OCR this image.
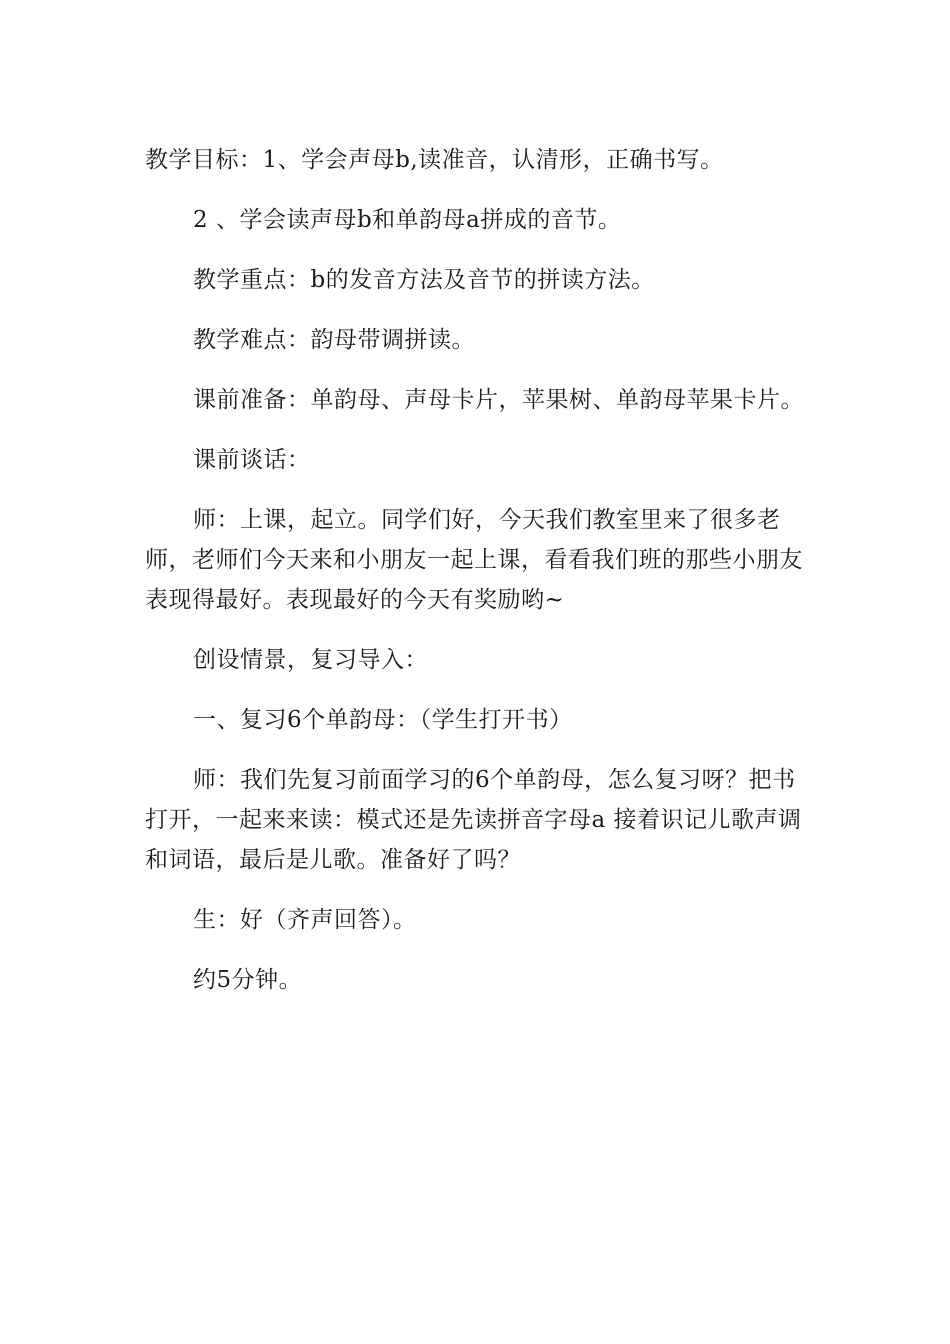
教学目标：1、学会声母b,读准音，认清形，正确书写。

2 、学会读声母b和单韵母a拼成的音节。

教学重点：b的发音方法及音节的拼读方法。

教学难点：韵母带调拼读。

课前准备：单韵母、声母卡片，苹果树、单韵母苹果卡片。

课前谈话：

师：上课，起立。同学们好，今天我们教室里来了很多老师，老师们今天来和小朋友一起上课，看看我们班的那些小朋友表现得最好。表现最好的今天有奖励哟~

创设情景，复习导入：

一、复习6个单韵母：（学生打开书）

师：我们先复习前面学习的6个单韵母，怎么复习呀？把书打开，一起来来读：模式还是先读拼音字母a 接着识记儿歌声调和词语，最后是儿歌。准备好了吗？

生：好（齐声回答）。

约5分钟。
